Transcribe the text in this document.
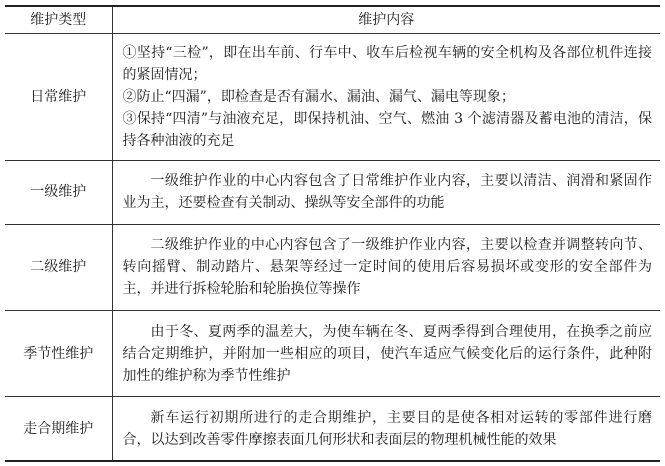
维护类型	维护内容
日常维护	①坚持“三检”，即在出车前、行车中、收车后检视车辆的安全机构及各部位机件连接的紧固情况；
②防止“四漏”，即检查是否有漏水、漏油、漏气、漏电等现象；
③保持“四清”与油液充足，即保持机油、空气、燃油 3 个滤清器及蓄电池的清洁，保持各种油液的充足

一级维护	一级维护作业的中心内容包含了日常维护作业内容，主要以清洁、润滑和紧固作业为主，还要检查有关制动、操纵等安全部件的功能
二级维护	二级维护作业的中心内容包含了一级维护作业内容，主要以检查并调整转向节、转向摇臂、制动踏片、悬架等经过一定时间的使用后容易损坏或变形的安全部件为主，并进行拆检轮胎和轮胎换位等操作
季节性维护	由于冬、夏两季的温差大，为使车辆在冬、夏两季得到合理使用，在换季之前应结合定期维护，并附加一些相应的项目，使汽车适应气候变化后的运行条件，此种附加性的维护称为季节性维护
走合期维护	新车运行初期所进行的走合期维护，主要目的是使各相对运转的零部件进行磨合，以达到改善零件摩擦表面几何形状和表面层的物理机械性能的效果
